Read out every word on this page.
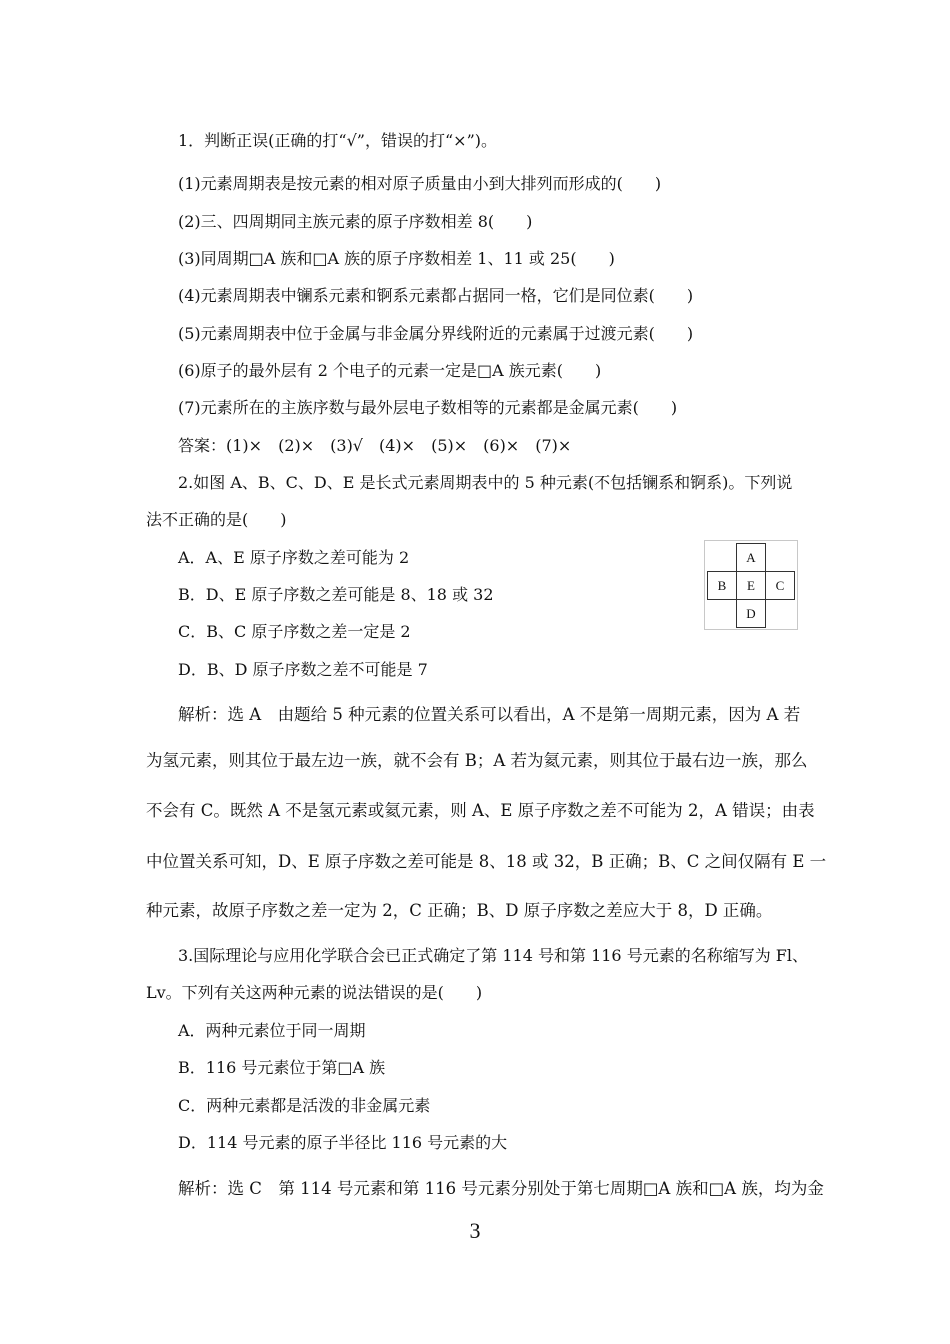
1．判断正误(正确的打“√”，错误的打“×”)。
(1)元素周期表是按元素的相对原子质量由小到大排列而形成的(　　)
(2)三、四周期同主族元素的原子序数相差 8(　　)
(3)同周期□A 族和□A 族的原子序数相差 1、11 或 25(　　)
(4)元素周期表中镧系元素和锕系元素都占据同一格，它们是同位素(　　)
(5)元素周期表中位于金属与非金属分界线附近的元素属于过渡元素(　　)
(6)原子的最外层有 2 个电子的元素一定是□A 族元素(　　)
(7)元素所在的主族序数与最外层电子数相等的元素都是金属元素(　　)
答案：(1)×　(2)×　(3)√　(4)×　(5)×　(6)×　(7)×
2.如图 A、B、C、D、E 是长式元素周期表中的 5 种元素(不包括镧系和锕系)。下列说
法不正确的是(　　)
A．A、E 原子序数之差可能为 2
B．D、E 原子序数之差可能是 8、18 或 32
C．B、C 原子序数之差一定是 2
D．B、D 原子序数之差不可能是 7
A
B	E	C
D
解析：选 A　由题给 5 种元素的位置关系可以看出，A 不是第一周期元素，因为 A 若
为氢元素，则其位于最左边一族，就不会有 B；A 若为氦元素，则其位于最右边一族，那么
不会有 C。既然 A 不是氢元素或氦元素，则 A、E 原子序数之差不可能为 2，A 错误；由表
中位置关系可知，D、E 原子序数之差可能是 8、18 或 32，B 正确；B、C 之间仅隔有 E 一
种元素，故原子序数之差一定为 2，C 正确；B、D 原子序数之差应大于 8，D 正确。
3.国际理论与应用化学联合会已正式确定了第 114 号和第 116 号元素的名称缩写为 Fl、
Lv。下列有关这两种元素的说法错误的是(　　)
A．两种元素位于同一周期
B．116 号元素位于第□A 族
C．两种元素都是活泼的非金属元素
D．114 号元素的原子半径比 116 号元素的大
解析：选 C　第 114 号元素和第 116 号元素分别处于第七周期□A 族和□A 族，均为金
3
